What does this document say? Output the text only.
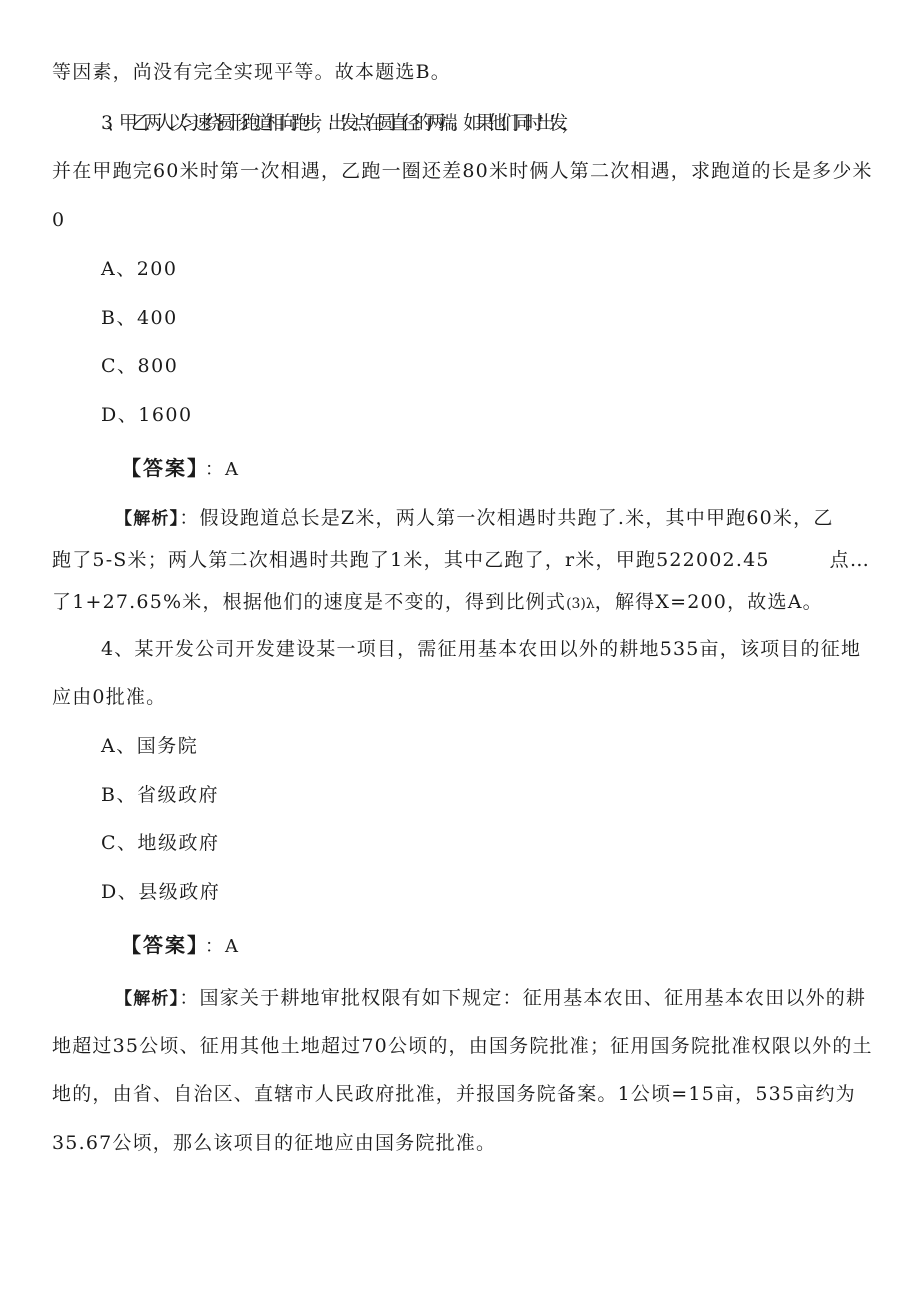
等因素，尚没有完全实现平等。故本题选B。
3、甲乙两人以匀速绕圆形跑道相向跑步，出发点在圆直径的两端。如果他们同时出发，
并在甲跑完60米时第一次相遇，乙跑一圈还差80米时俩人第二次相遇，求跑道的长是多少米
0
A、200
B、400
C、800
D、1600
【答案】 ：A
【解析】：假设跑道总长是Z米，两人第一次相遇时共跑了.米，其中甲跑60米，乙
跑了5-S米；两人第二次相遇时共跑了1米，其中乙跑了，r米，甲跑522002.45	点…
了1+27.65%米，根据他们的速度是不变的，得到比例式(3)λ，解得X=200，故选A。
4、某开发公司开发建设某一项目，需征用基本农田以外的耕地535亩，该项目的征地
应由0批准。
A、国务院
B、省级政府
C、地级政府
D、县级政府
【答案】 ：A
【解析】：国家关于耕地审批权限有如下规定：征用基本农田、征用基本农田以外的耕
地超过35公顷、征用其他土地超过70公顷的，由国务院批准；征用国务院批准权限以外的土
地的，由省、自治区、直辖市人民政府批准，并报国务院备案。1公顷=15亩，535亩约为
35.67公顷，那么该项目的征地应由国务院批准。
